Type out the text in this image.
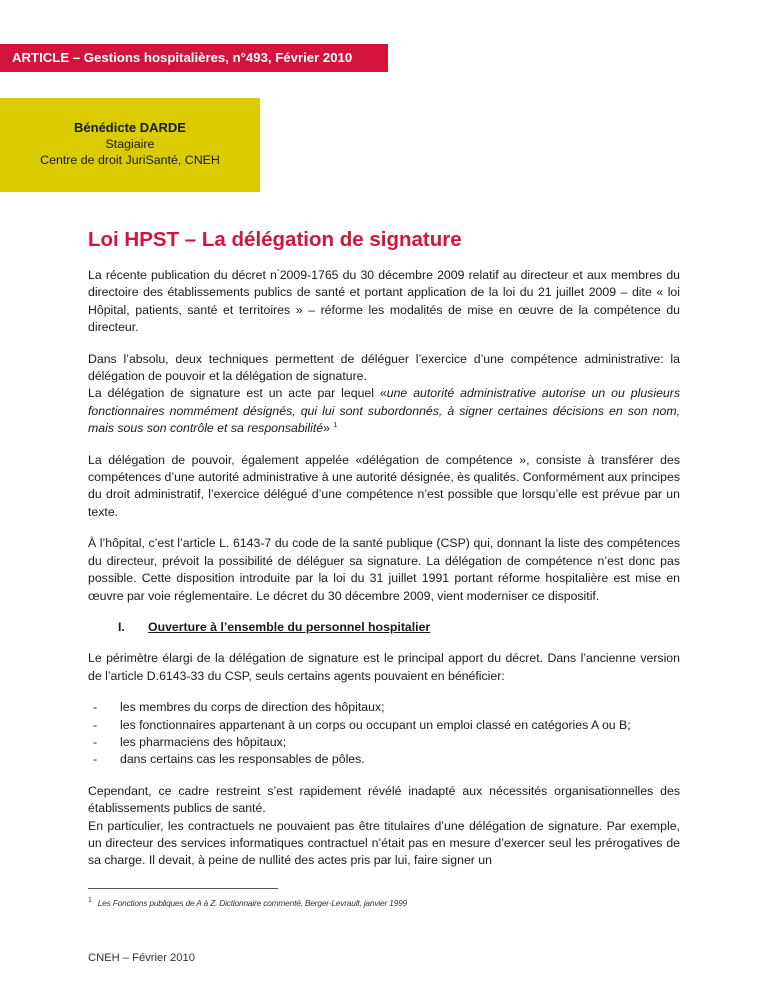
ARTICLE – Gestions hospitalières, n°493, Février 2010
Bénédicte DARDE
Stagiaire
Centre de droit JuriSanté, CNEH
Loi HPST – La délégation de signature

La récente publication du décret n°2009-1765 du 30 décembre 2009 relatif au directeur et aux membres du directoire des établissements publics de santé et portant application de la loi du 21 juillet 2009 – dite « loi Hôpital, patients, santé et territoires » – réforme les modalités de mise en œuvre de la compétence du directeur.

Dans l’absolu, deux techniques permettent de déléguer l’exercice d’une compétence administrative: la délégation de pouvoir et la délégation de signature.
La délégation de signature est un acte par lequel «une autorité administrative autorise un ou plusieurs fonctionnaires nommément désignés, qui lui sont subordonnés, à signer certaines décisions en son nom, mais sous son contrôle et sa responsabilité» $^1$

La délégation de pouvoir, également appelée «délégation de compétence », consiste à transférer des compétences d’une autorité administrative à une autorité désignée, ès qualités. Conformément aux principes du droit administratif, l’exercice délégué d’une compétence n’est possible que lorsqu’elle est prévue par un texte.

À l’hôpital, c’est l’article L. 6143-7 du code de la santé publique (CSP) qui, donnant la liste des compétences du directeur, prévoit la possibilité de déléguer sa signature. La délégation de compétence n’est donc pas possible. Cette disposition introduite par la loi du 31 juillet 1991 portant réforme hospitalière est mise en œuvre par voie réglementaire. Le décret du 30 décembre 2009, vient moderniser ce dispositif.

I.	Ouverture à l’ensemble du personnel hospitalier

Le périmètre élargi de la délégation de signature est le principal apport du décret. Dans l’ancienne version de l’article D.6143-33 du CSP, seuls certains agents pouvaient en bénéficier:

-	les membres du corps de direction des hôpitaux;
-	les fonctionnaires appartenant à un corps ou occupant un emploi classé en catégories A ou B;
-	les pharmaciens des hôpitaux;
-	dans certains cas les responsables de pôles.

Cependant, ce cadre restreint s’est rapidement révélé inadapté aux nécessités organisationnelles des établissements publics de santé.
En particulier, les contractuels ne pouvaient pas être titulaires d’une délégation de signature. Par exemple, un directeur des services informatiques contractuel n’était pas en mesure d’exercer seul les prérogatives de sa charge. Il devait, à peine de nullité des actes pris par lui, faire signer un

$^1$ Les Fonctions publiques de A à Z. Dictionnaire commenté, Berger-Levrault, janvier 1999
CNEH – Février 2010
